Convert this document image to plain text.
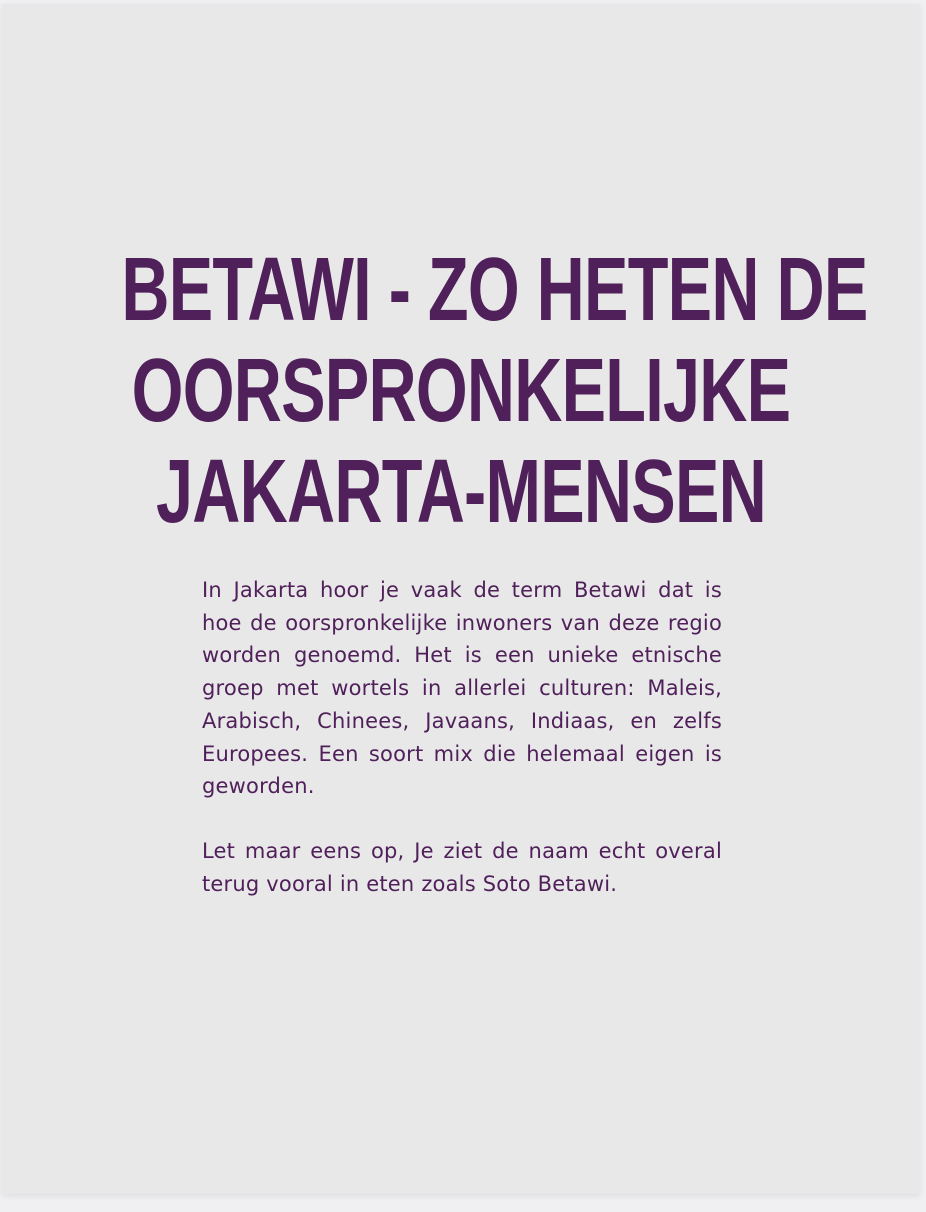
BETAWI - ZO HETEN DE
OORSPRONKELIJKE
JAKARTA-MENSEN

In Jakarta hoor je vaak de term Betawi dat is hoe de oorspronkelijke inwoners van deze regio worden genoemd. Het is een unieke etnische groep met wortels in allerlei culturen: Maleis, Arabisch, Chinees, Javaans, Indiaas, en zelfs Europees. Een soort mix die helemaal eigen is geworden.

Let maar eens op, Je ziet de naam echt overal terug vooral in eten zoals Soto Betawi.
